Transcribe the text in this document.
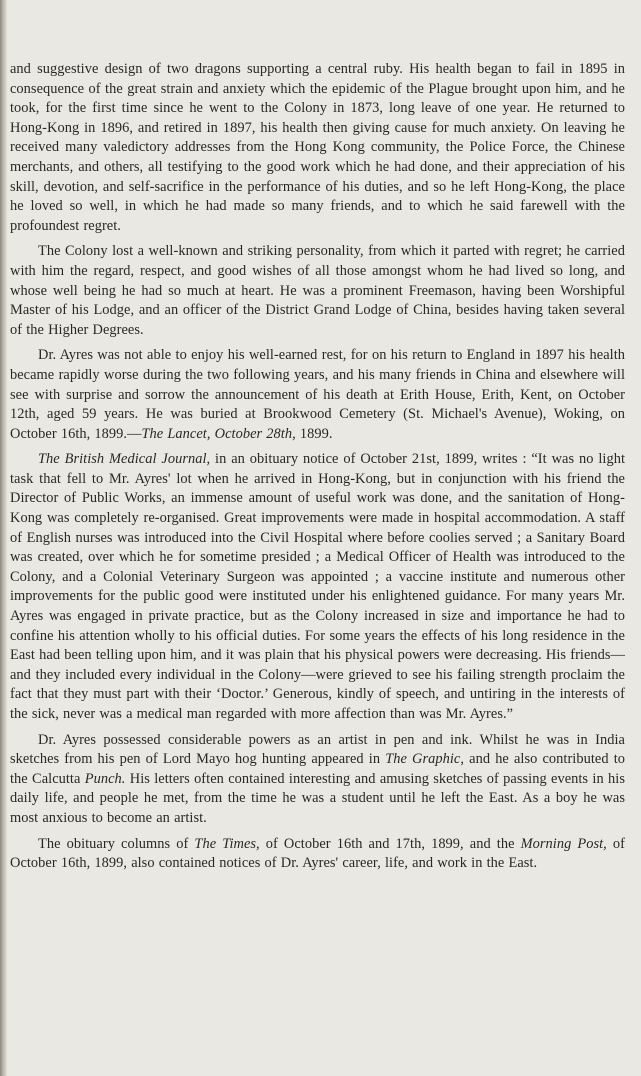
and suggestive design of two dragons supporting a central ruby. His health began to fail in 1895 in consequence of the great strain and anxiety which the epidemic of the Plague brought upon him, and he took, for the first time since he went to the Colony in 1873, long leave of one year. He returned to Hong-Kong in 1896, and retired in 1897, his health then giving cause for much anxiety. On leaving he received many valedictory addresses from the Hong Kong community, the Police Force, the Chinese merchants, and others, all testifying to the good work which he had done, and their appreciation of his skill, devotion, and self-sacrifice in the performance of his duties, and so he left Hong-Kong, the place he loved so well, in which he had made so many friends, and to which he said farewell with the profoundest regret.

The Colony lost a well-known and striking personality, from which it parted with regret; he carried with him the regard, respect, and good wishes of all those amongst whom he had lived so long, and whose well being he had so much at heart. He was a prominent Freemason, having been Worshipful Master of his Lodge, and an officer of the District Grand Lodge of China, besides having taken several of the Higher Degrees.

Dr. Ayres was not able to enjoy his well-earned rest, for on his return to England in 1897 his health became rapidly worse during the two following years, and his many friends in China and elsewhere will see with surprise and sorrow the announcement of his death at Erith House, Erith, Kent, on October 12th, aged 59 years. He was buried at Brookwood Cemetery (St. Michael's Avenue), Woking, on October 16th, 1899.—The Lancet, October 28th, 1899.

The British Medical Journal, in an obituary notice of October 21st, 1899, writes : “It was no light task that fell to Mr. Ayres' lot when he arrived in Hong-Kong, but in conjunction with his friend the Director of Public Works, an immense amount of useful work was done, and the sanitation of Hong-Kong was completely re-organised. Great improvements were made in hospital accommodation. A staff of English nurses was introduced into the Civil Hospital where before coolies served ; a Sanitary Board was created, over which he for sometime presided ; a Medical Officer of Health was introduced to the Colony, and a Colonial Veterinary Surgeon was appointed ; a vaccine institute and numerous other improvements for the public good were instituted under his enlightened guidance. For many years Mr. Ayres was engaged in private practice, but as the Colony increased in size and importance he had to confine his attention wholly to his official duties. For some years the effects of his long residence in the East had been telling upon him, and it was plain that his physical powers were decreasing. His friends—and they included every individual in the Colony—were grieved to see his failing strength proclaim the fact that they must part with their ‘Doctor.’ Generous, kindly of speech, and untiring in the interests of the sick, never was a medical man regarded with more affection than was Mr. Ayres.”

Dr. Ayres possessed considerable powers as an artist in pen and ink. Whilst he was in India sketches from his pen of Lord Mayo hog hunting appeared in The Graphic, and he also contributed to the Calcutta Punch. His letters often contained interesting and amusing sketches of passing events in his daily life, and people he met, from the time he was a student until he left the East. As a boy he was most anxious to become an artist.

The obituary columns of The Times, of October 16th and 17th, 1899, and the Morning Post, of October 16th, 1899, also contained notices of Dr. Ayres' career, life, and work in the East.
